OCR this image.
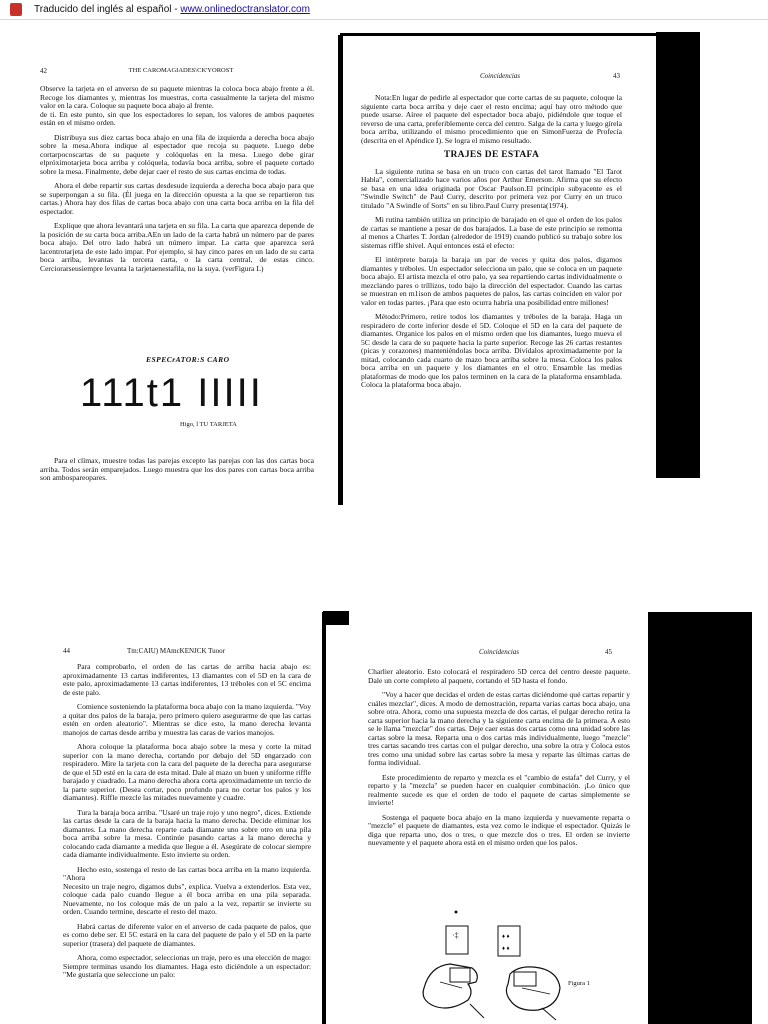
Traducido del inglés al español - www.onlinedoctranslator.com
42	THE CAROMAGIADES\CK'YOROST

Observe la tarjeta en el anverso de su paquete mientras la coloca boca abajo frente a él. Recoge los diamantes y, mientras los muestras, corta casualmente la tarjeta del mismo valor en la cara. Coloque su paquete boca abajo al frente.

de ti. En este punto, sin que los espectadores lo sepan, los valores de ambos paquetes están en el mismo orden.

Distribuya sus diez cartas boca abajo en una fila de izquierda a derecha boca abajo sobre la mesa.Ahora indique al espectador que recoja su paquete. Luego debe cortarpocoscartas de su paquete y colóquelas en la mesa. Luego debe girar elpróximotarjeta boca arriba y colóquela, todavía boca arriba, sobre el paquete cortado sobre la mesa. Finalmente, debe dejar caer el resto de sus cartas encima de todas.

Ahora el debe repartir sus cartas desdesude izquierda a derecha boca abajo para que se superpongan a su fila. (Él juega en la dirección opuesta a la que se repartieron tus cartas.) Ahora hay dos filas de cartas boca abajo con una carta boca arriba en la fila del espectador.

Explique que ahora levantará una tarjeta en su fila. La carta que aparezca depende de la posición de su carta boca arriba.AEn un lado de la carta habrá un número par de pares boca abajo. Del otro lado habrá un número impar. La carta que aparezca será lacentrotarjeta de este lado impar. Por ejemplo, si hay cinco pares en un lado de su carta boca arriba, levantas la tercera carta, o la carta central, de estas cinco. Cerciorarseusiempre levanta la tarjetaenestafila, no la suya. (verFigura L)

ESPECrATOR:S CARO
111t1 IIIII
Higo, l TU TARJETA

Para el clímax, muestre todas las parejas excepto las parejas con las dos cartas boca arriba. Todos serán emparejados. Luego muestra que los dos pares con cartas boca arriba son ambospareopares.

Coincidencias	43

Nota:En lugar de pedirle al espectador que corte cartas de su paquete, coloque la siguiente carta boca arriba y deje caer el resto encima; aquí hay otro método que puede usarse. Aíree el paquete del espectador boca abajo, pidiéndole que toque el reverso de una carta, preferiblemente cerca del centro. Salga de la carta y luego gírela boca arriba, utilizando el mismo procedimiento que en SimonFuerza de Profecía (descrita en el Apéndice I). Se logra el mismo resultado.

TRAJES DE ESTAFA

La siguiente rutina se basa en un truco con cartas del tarot llamado "El Tarot Habla", comercializado hace varios años por Arthur Emerson. Afirma que su efecto se basa en una idea originada por Oscar Paulson.El principio subyacente es el "Swindle Switch" de Paul Curry, descrito por primera vez por Curry en un truco titulado "A Swindle of Sorts" en su libro.Paul Curry presenta(1974).

Mi rutina también utiliza un principio de barajado en el que el orden de los palos de cartas se mantiene a pesar de dos barajados. La base de este principio se remonta al menos a Charles T. Jordan (alrededor de 1919) cuando publicó su trabajo sobre los sistemas riffle shivel. Aquí entonces está el efecto:

El intérprete baraja la baraja un par de veces y quita dos palos, digamos diamantes y tréboles. Un espectador selecciona un palo, que se coloca en un paquete boca abajo. El artista mezcla el otro palo, ya sea repartiendo cartas individualmente o mezclando pares o tríllizos, todo bajo la dirección del espectador. Cuando las cartas se muestran en m1ison de ambos paquetes de palos, las cartas coinciden en valor por valor en todas partes. ¡Para que esto ocurra habría una posibilidad entre millones!

Método:Primero, retire todos los diamantes y tréboles de la baraja. Haga un respiradero de corte inferior desde el 5D. Coloque el 5D en la cara del paquete de diamantes. Organice los palos en el mismo orden que los diamantes, luego mueva el 5C desde la cara de su paquete hacia la parte superior. Recoge las 26 cartas restantes (picas y corazones) manteniéndolas boca arriba. Divídalos aproximadamente por la mitad, colocando cada cuarto de mazo boca arriba sobre la mesa. Coloca los palos boca arriba en un paquete y los diamantes en el otro. Ensamble las medias plataformas de modo que los palos terminen en la cara de la plataforma ensamblada. Coloca la plataforma boca abajo.

44	Tm:CAIU) MAmcKENJCK Tuoor

Para comprobarlo, el orden de las cartas de arriba hacia abajo es: aproximadamente 13 cartas indiferentes, 13 diamantes con el 5D en la cara de este palo, aproximadamente 13 cartas indiferentes, 13 tréboles con el 5C encima de este palo.

Comience sosteniendo la plataforma boca abajo con la mano izquierda. "Voy a quitar dos palos de la baraja, pero primero quiero asegurarme de que las cartas estén en orden aleatorio". Mientras se dice esto, la mano derecha levanta manojos de cartas desde arriba y muestra las caras de varios manojos.

Ahora coloque la plataforma boca abajo sobre la mesa y corte la mitad superior con la mano derecha, cortando por debajo del 5D engarzado con respiradero. Mire la tarjeta con la cara del paquete de la derecha para asegurarse de que el 5D esté en la cara de esta mitad. Dale al mazo un buen y uniforme riffle barajado y cuadrado. La mano derecha ahora corta aproximadamente un tercio de la parte superior. (Desea cortar, poco profundo para no cortar los palos y los diamantes). Riffle mezcle las mitades nuevamente y cuadre.

Tura la baraja boca arriba. "Usaré un traje rojo y uno negro", dices. Extiende las cartas desde la cara de la baraja hacia la mano derecha. Decide eliminar los diamantes. La mano derecha reparte cada diamante uno sobre otro en una pila boca arriba sobre la mesa. Continúe pasando cartas a la mano derecha y colocando cada diamante a medida que llegue a él. Asegúrate de colocar siempre cada diamante individualmente. Esto invierte su orden.

Hecho esto, sostenga el resto de las cartas boca arriba en la mano izquierda. "Ahora

Necesito un traje negro, digamos dubs", explica. Vuelva a extenderlos. Esta vez, coloque cada palo cuando llegue a él boca arriba en una pila separada. Nuevamente, no los coloque más de un palo a la vez, repartir se invierte su orden. Cuando termine, descarte el resto del mazo.

Habrá cartas de diferente valor en el anverso de cada paquete de palos, que es como debe ser. El 5C estará en la cara del paquete de palo y el 5D en la parte superior (trasera) del paquete de diamantes.

Ahora, como espectador, seleccionas un traje, pero es una elección de mago: Siempre terminas usando los diamantes. Haga esto diciéndole a un espectador: "Me gustaría que seleccione un palo:

Coincidencias	45

Charlier aleatorio. Esto colocará el respiradero 5D cerca del centro deeste paquete. Dale un corte completo al paquete, cortando el 5D hasta el fondo.

"Voy a hacer que decidas el orden de estas cartas diciéndome qué cartas repartir y cuáles mezclar", dices. A modo de demostración, reparta varias cartas boca abajo, una sobre otra. Ahora, como una supuesta mezcla de dos cartas, el pulgar derecho retira la carta superior hacia la mano derecha y la siguiente carta encima de la primera. A esto se le llama "mezclar" dos cartas. Deje caer estas dos cartas como una unidad sobre las cartas sobre la mesa. Reparta una o dos cartas más individualmente, luego "mezcle" tres cartas sacando tres cartas con el pulgar derecho, una sobre la otra y Coloca estos tres como una unidad sobre las cartas sobre la mesa y reparte las últimas cartas de forma individual.

Este procedimiento de reparto y mezcla es el "cambio de estafa" del Curry, y el reparto y la "mezcla" se pueden hacer en cualquier combinación. ¡Lo único que realmente sucede es que el orden de todo el paquete de cartas simplemente se invierte!

Sostenga el paquete boca abajo en la mano izquierda y nuevamente reparta o "mezcle" el paquete de diamantes, esta vez como le indique el espectador. Quizás le diga que reparta uno, dos o tres, o que mezcle dos o tres. El orden se invierte nuevamente y el paquete ahora está en el mismo orden que los palos.

·‡	♦ ♦
♦ ♦
Figura 1
